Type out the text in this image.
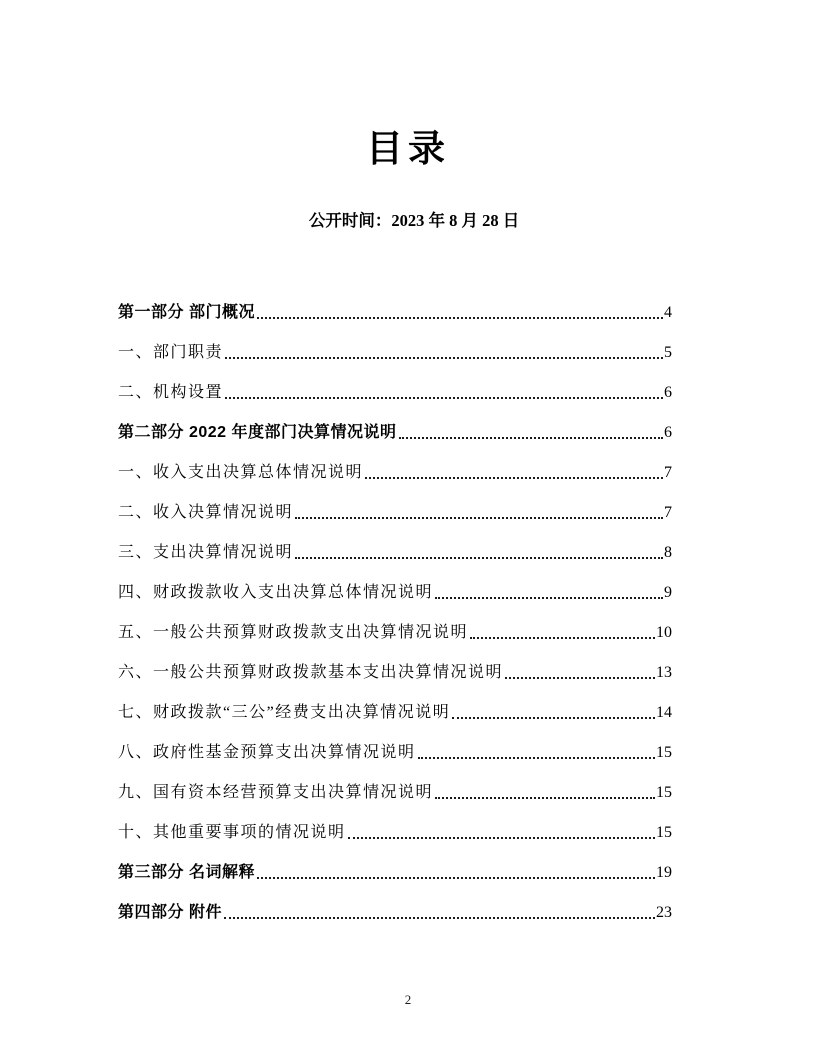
目录

公开时间：2023 年 8 月 28 日

第一部分 部门概况	4
一、部门职责	5
二、机构设置	6
第二部分 2022 年度部门决算情况说明	6
一、收入支出决算总体情况说明	7
二、收入决算情况说明	7
三、支出决算情况说明	8
四、财政拨款收入支出决算总体情况说明	9
五、一般公共预算财政拨款支出决算情况说明	10
六、一般公共预算财政拨款基本支出决算情况说明	13
七、财政拨款“三公”经费支出决算情况说明	14
八、政府性基金预算支出决算情况说明	15
九、国有资本经营预算支出决算情况说明	15
十、其他重要事项的情况说明	15
第三部分 名词解释	19
第四部分 附件	23
2
